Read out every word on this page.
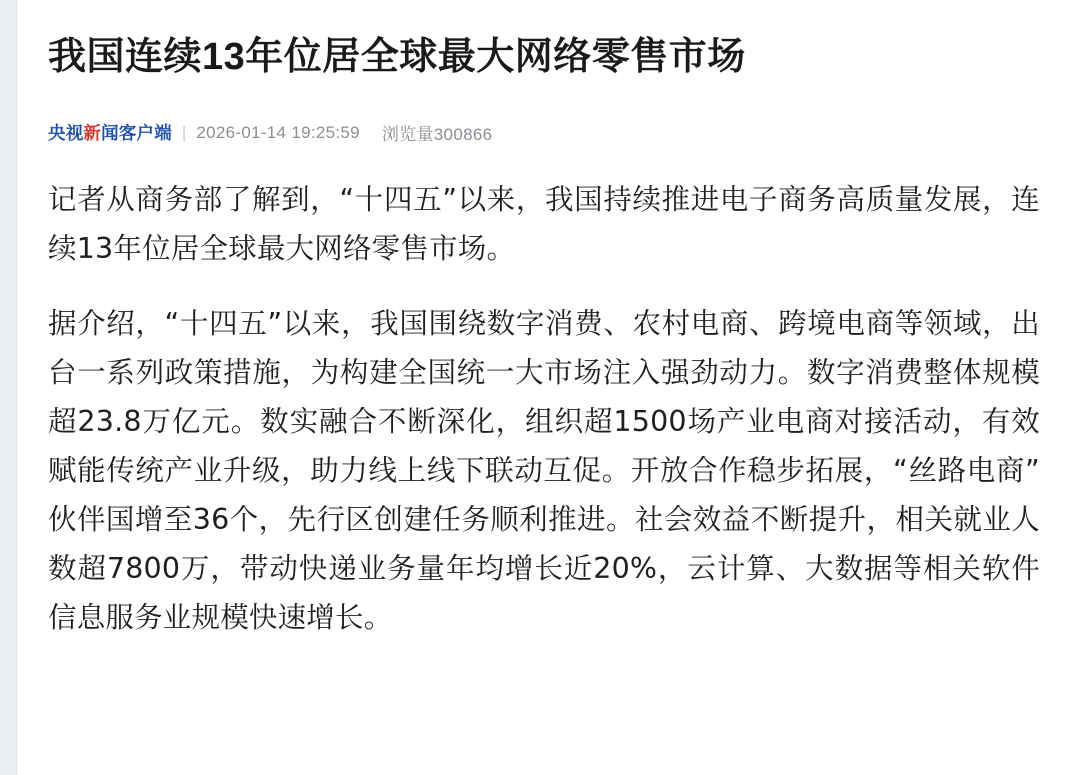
我国连续13年位居全球最大网络零售市场
央视新闻客户端 | 2026-01-14 19:25:59 浏览量300866

记者从商务部了解到，“十四五”以来，我国持续推进电子商务高质量发展，连续13年位居全球最大网络零售市场。

据介绍，“十四五”以来，我国围绕数字消费、农村电商、跨境电商等领域，出台一系列政策措施，为构建全国统一大市场注入强劲动力。数字消费整体规模超23.8万亿元。数实融合不断深化，组织超1500场产业电商对接活动，有效赋能传统产业升级，助力线上线下联动互促。开放合作稳步拓展，“丝路电商”伙伴国增至36个，先行区创建任务顺利推进。社会效益不断提升，相关就业人数超7800万，带动快递业务量年均增长近20%，云计算、大数据等相关软件信息服务业规模快速增长。
